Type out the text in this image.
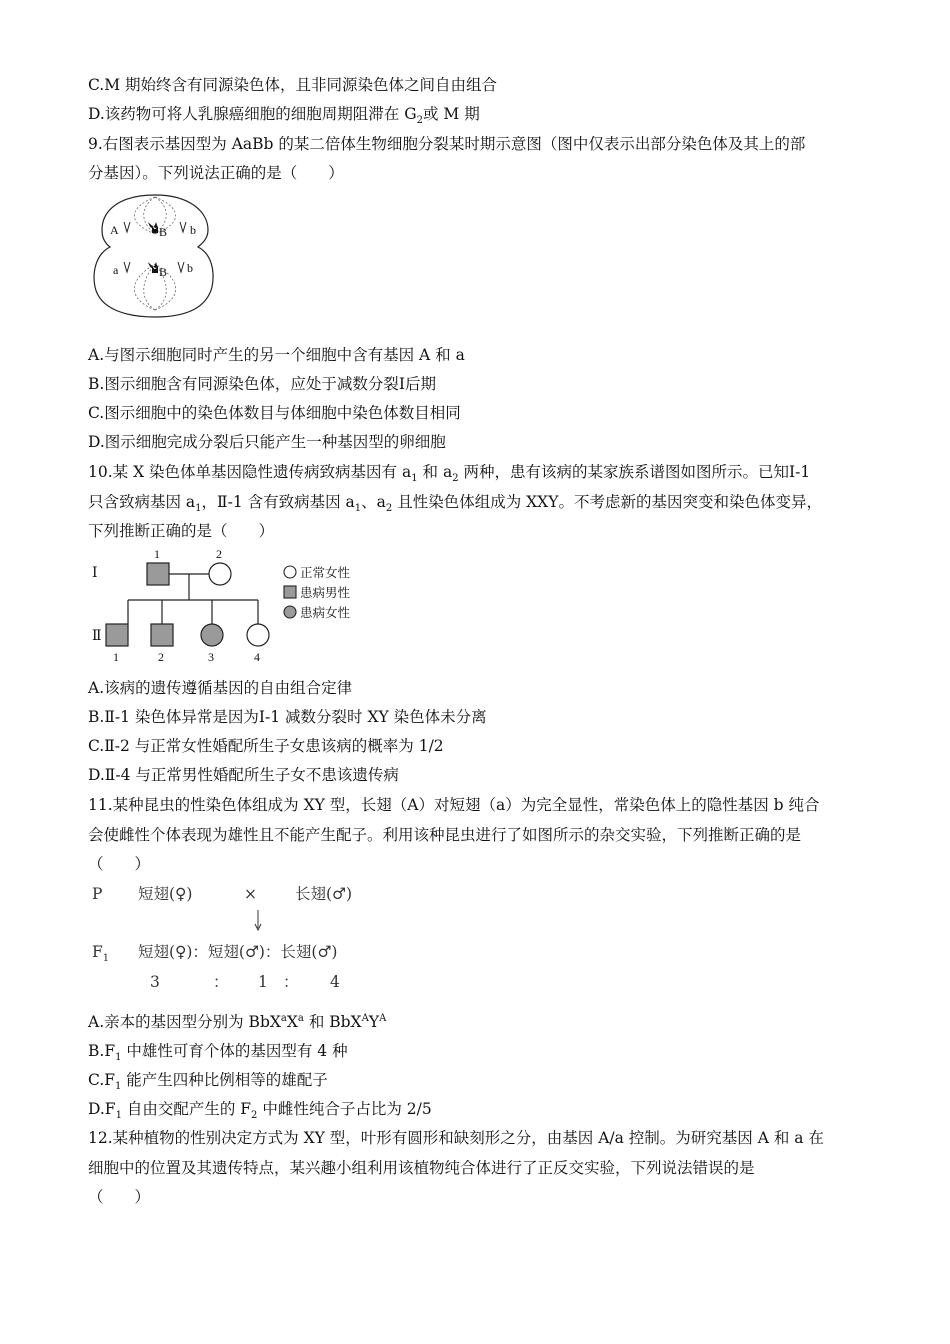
C.M 期始终含有同源染色体，且非同源染色体之间自由组合
D.该药物可将人乳腺癌细胞的细胞周期阻滞在 $G_2$或 M 期
9.右图表示基因型为 AaBb 的某二倍体生物细胞分裂某时期示意图（图中仅表示出部分染色体及其上的部
分基因）。下列说法正确的是（　　）
A	B b
a	B b
A.与图示细胞同时产生的另一个细胞中含有基因 A 和 a
B.图示细胞含有同源染色体，应处于减数分裂Ⅰ后期
C.图示细胞中的染色体数目与体细胞中染色体数目相同
D.图示细胞完成分裂后只能产生一种基因型的卵细胞
10.某 X 染色体单基因隐性遗传病致病基因有 $a_1$ 和 $a_2$ 两种，患有该病的某家族系谱图如图所示。已知Ⅰ-1
只含致病基因 $a_1$，Ⅱ-1 含有致病基因 $a_1$、$a_2$ 且性染色体组成为 XXY。不考虑新的基因突变和染色体变异，
下列推断正确的是（　　）
Ⅰ
Ⅱ
1	2
1	2	3	4
正常女性
患病男性
患病女性
A.该病的遗传遵循基因的自由组合定律
B.Ⅱ-1 染色体异常是因为Ⅰ-1 减数分裂时 XY 染色体未分离
C.Ⅱ-2 与正常女性婚配所生子女患该病的概率为 1/2
D.Ⅱ-4 与正常男性婚配所生子女不患该遗传病
11.某种昆虫的性染色体组成为 XY 型，长翅（A）对短翅（a）为完全显性，常染色体上的隐性基因 b 纯合
会使雌性个体表现为雄性且不能产生配子。利用该种昆虫进行了如图所示的杂交实验，下列推断正确的是
（　　）
P 短翅(♀)	× 长翅(♂)
$F_1$ 短翅(♀)：短翅(♂)：长翅(♂)
3	： 1 ： 4
A.亲本的基因型分别为 $BbX^aX^a$ 和 $BbX^AY^A$
$B.F_1$ 中雄性可育个体的基因型有 4 种
$C.F_1$ 能产生四种比例相等的雄配子
$D.F_1$ 自由交配产生的 $F_2$ 中雌性纯合子占比为 2/5
12.某种植物的性别决定方式为 XY 型，叶形有圆形和缺刻形之分，由基因 A/a 控制。为研究基因 A 和 a 在
细胞中的位置及其遗传特点，某兴趣小组利用该植物纯合体进行了正反交实验，下列说法错误的是
（　　）
